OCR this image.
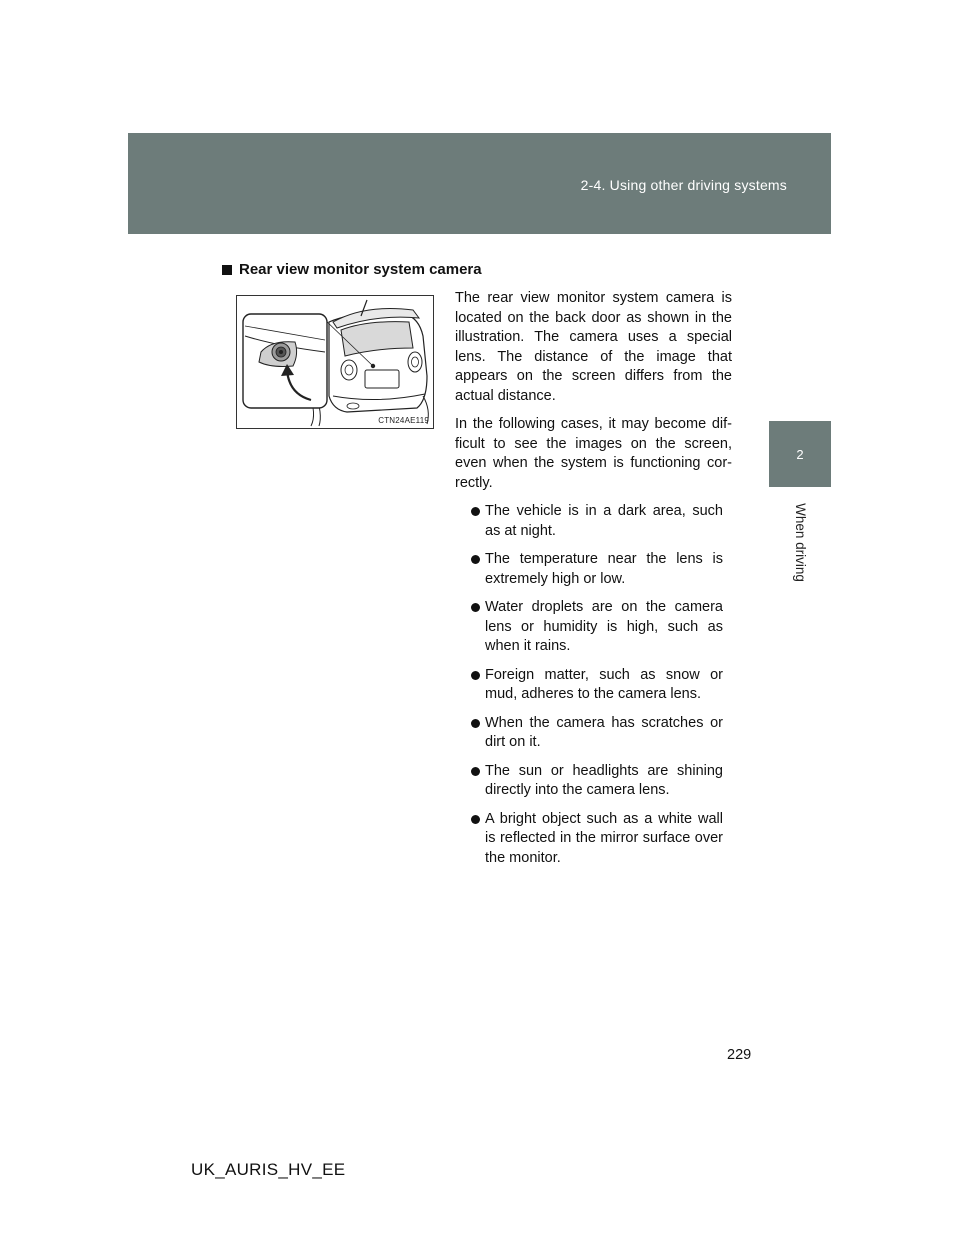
2-4. Using other driving systems
2
When driving
Rear view monitor system camera
CTN24AE119

The rear view monitor system camera is located on the back door as shown in the illustration. The camera uses a special lens. The distance of the image that appears on the screen differs from the actual distance.

In the following cases, it may become dif-ficult to see the images on the screen, even when the system is functioning cor-rectly.

The vehicle is in a dark area, such as at night.
The temperature near the lens is extremely high or low.
Water droplets are on the camera lens or humidity is high, such as when it rains.
Foreign matter, such as snow or mud, adheres to the camera lens.
When the camera has scratches or dirt on it.
The sun or headlights are shining directly into the camera lens.
A bright object such as a white wall is reflected in the mirror surface over the monitor.
229
UK_AURIS_HV_EE
